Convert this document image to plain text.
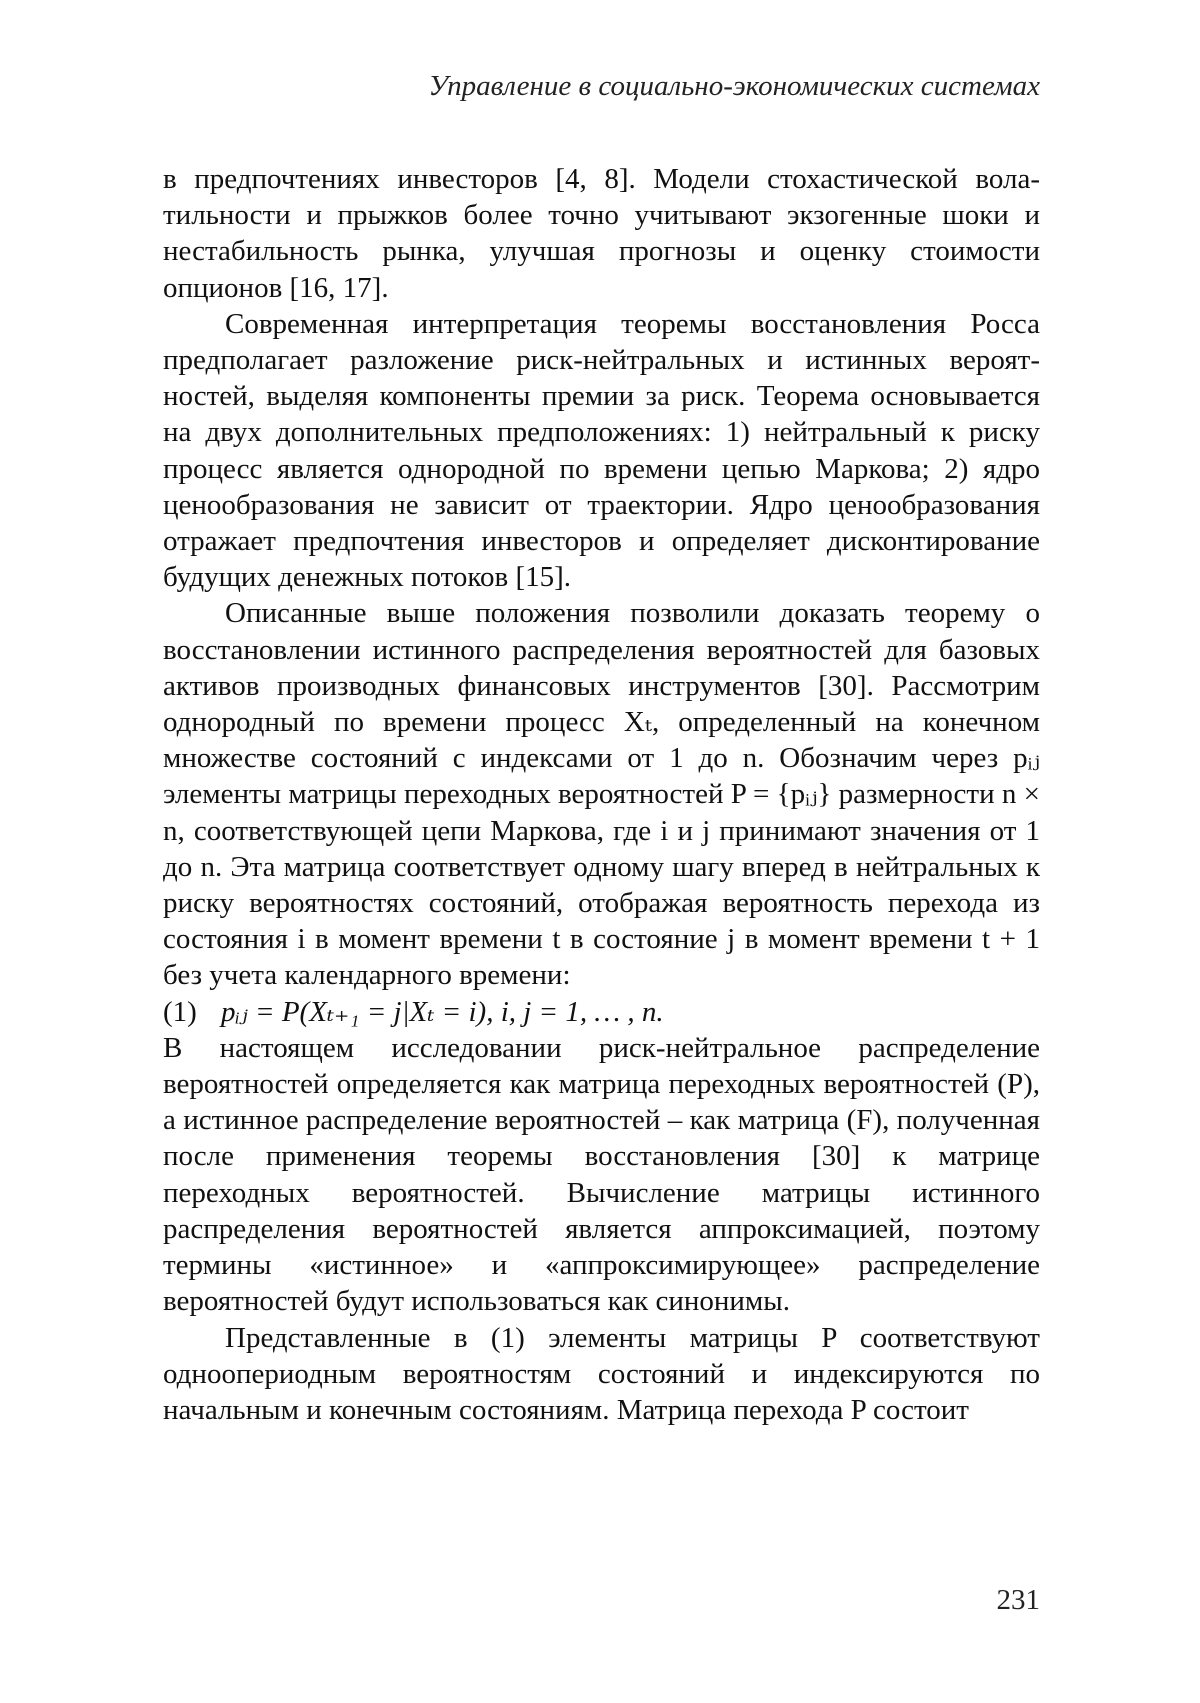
Управление в социально-экономических системах

в предпочтениях инвесторов [4, 8]. Модели стохастической вола­тильности и прыжков более точно учитывают экзогенные шоки и нестабильность рынка, улучшая прогнозы и оценку стоимости опционов [16, 17].

Современная интерпретация теоремы восстановления Росса предполагает разложение риск-нейтральных и истинных вероят­ностей, выделяя компоненты премии за риск. Теорема основыва­ется на двух дополнительных предположениях: 1) нейтральный к риску процесс является однородной по времени цепью Мар­кова; 2) ядро ценообразования не зависит от траектории. Ядро це­нообразования отражает предпочтения инвесторов и определяет дисконтирование будущих денежных потоков [15].

Описанные выше положения позволили доказать теорему о восстановлении истинного распределения вероятностей для ба­зовых активов производных финансовых инструментов [30]. Рас­смотрим однородный по времени процесс Xₜ, определенный на конечном множестве состояний с индексами от 1 до n. Обозна­чим через pᵢⱼ элементы матрицы переходных вероятностей P = {pᵢⱼ} размерности n × n, соответствующей цепи Маркова, где i и j принимают значения от 1 до n. Эта матрица соответ­ствует одному шагу вперед в нейтральных к риску вероятностях состояний, отображая вероятность перехода из состояния i в мо­мент времени t в состояние j в момент времени t + 1 без учета календарного времени:

(1) pᵢⱼ = P(Xₜ₊₁ = j|Xₜ = i), i, j = 1, … , n.

В настоящем исследовании риск-нейтральное распределение вероятностей определяется как матрица переходных вероятно­стей (P), а истинное распределение вероятностей – как матрица (F), полученная после применения теоремы восстановления [30] к матрице переходных вероятностей. Вычисление матрицы ис­тинного распределения вероятностей является аппроксимацией, поэтому термины «истинное» и «аппроксимирующее» распреде­ление вероятностей будут использоваться как синонимы.

Представленные в (1) элементы матрицы P соответствуют одноопериодным вероятностям состояний и индексируются по начальным и конечным состояниям. Матрица перехода P состоит

231
